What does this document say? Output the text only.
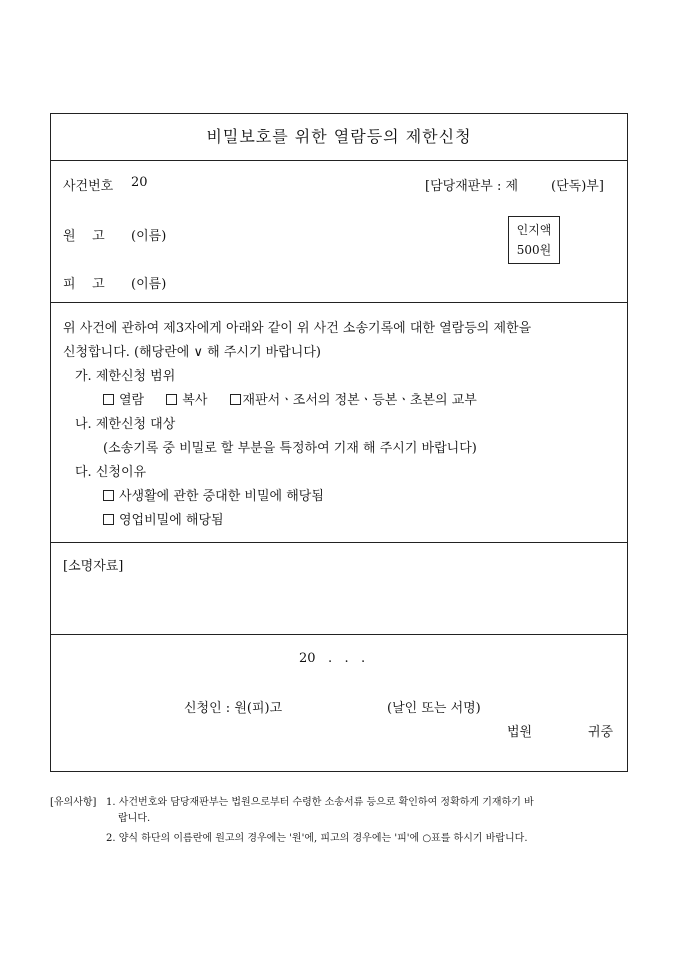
비밀보호를 위한 열람등의 제한신청
사건번호 20	[담당재판부 : 제	(단독)부]
원    고 (이름)
피    고 (이름)
인지액
500원
위 사건에 관하여 제3자에게 아래와 같이 위 사건 소송기록에 대한 열람등의 제한을
신청합니다. (해당란에 ∨ 해 주시기 바랍니다)
가. 제한신청 범위
열람	복사	재판서ㆍ조서의 정본ㆍ등본ㆍ초본의 교부
나. 제한신청 대상
(소송기록 중 비밀로 할 부분을 특정하여 기재 해 주시기 바랍니다)
다. 신청이유
사생활에 관한 중대한 비밀에 해당됨
영업비밀에 해당됨
[소명자료]
20   .   .   .
신청인 : 원(피)고	(날인 또는 서명)
법원	귀중
[유의사항] 1. 사건번호와 담당재판부는 법원으로부터 수령한 소송서류 등으로 확인하여 정확하게 기재하기 바
랍니다.
2. 양식 하단의 이름란에 원고의 경우에는 '원'에, 피고의 경우에는 '피'에 ○표를 하시기 바랍니다.
